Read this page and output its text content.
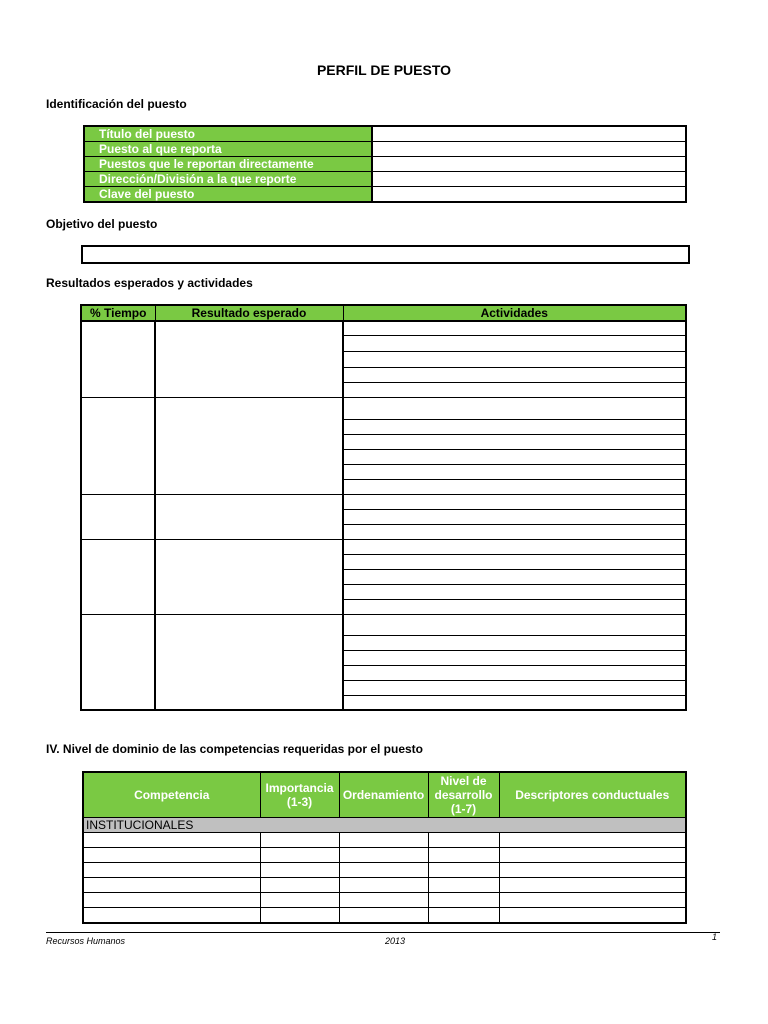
PERFIL DE PUESTO
Identificación del puesto
Título del puesto	
Puesto al que reporta	
Puestos que le reportan directamente	
Dirección/División a la que reporte	
Clave del puesto	
Objetivo del puesto
Resultados esperados y actividades
% Tiempo	Resultado esperado	Actividades

IV. Nivel de dominio de las competencias requeridas por el puesto
Competencia	Importancia (1-3)	Ordenamiento	Nivel de desarrollo (1-7)	Descriptores conductuales
INSTITUCIONALES				

Recursos Humanos	2013	1
